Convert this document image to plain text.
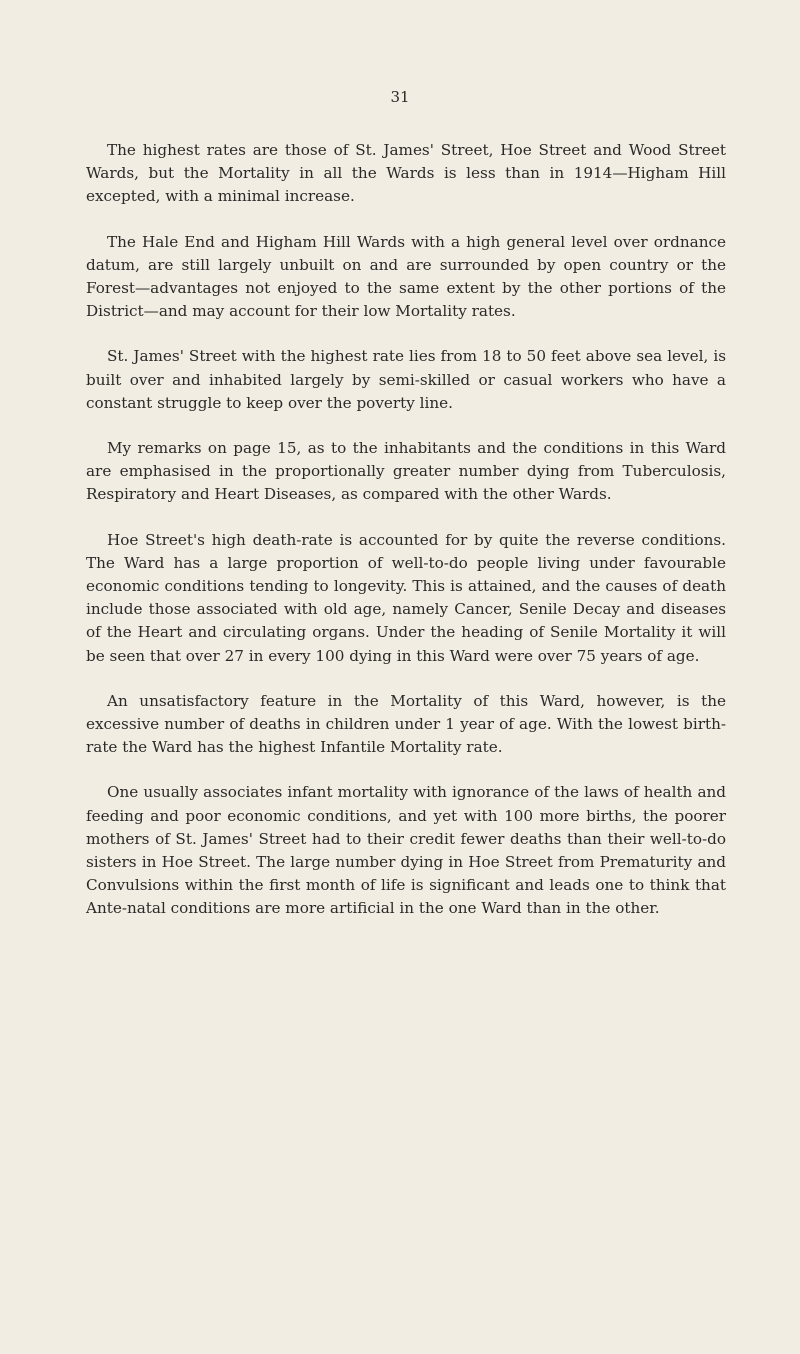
31

The highest rates are those of St. James' Street, Hoe Street and Wood Street Wards, but the Mortality in all the Wards is less than in 1914—Higham Hill excepted, with a minimal increase.

The Hale End and Higham Hill Wards with a high general level over ordnance datum, are still largely unbuilt on and are surrounded by open country or the Forest—advantages not enjoyed to the same extent by the other portions of the District—and may account for their low Mortality rates.

St. James' Street with the highest rate lies from 18 to 50 feet above sea level, is built over and inhabited largely by semi-skilled or casual workers who have a constant struggle to keep over the poverty line.

My remarks on page 15, as to the inhabitants and the conditions in this Ward are emphasised in the proportionally greater number dying from Tuberculosis, Respiratory and Heart Diseases, as compared with the other Wards.

Hoe Street's high death-rate is accounted for by quite the reverse conditions. The Ward has a large proportion of well-to-do people living under favourable economic conditions tending to longevity. This is attained, and the causes of death include those associated with old age, namely Cancer, Senile Decay and diseases of the Heart and circulating organs. Under the heading of Senile Mortality it will be seen that over 27 in every 100 dying in this Ward were over 75 years of age.

An unsatisfactory feature in the Mortality of this Ward, however, is the excessive number of deaths in children under 1 year of age. With the lowest birth-rate the Ward has the highest Infantile Mortality rate.

One usually associates infant mortality with ignorance of the laws of health and feeding and poor economic conditions, and yet with 100 more births, the poorer mothers of St. James' Street had to their credit fewer deaths than their well-to-do sisters in Hoe Street. The large number dying in Hoe Street from Prematurity and Convulsions within the first month of life is significant and leads one to think that Ante-natal conditions are more artificial in the one Ward than in the other.
